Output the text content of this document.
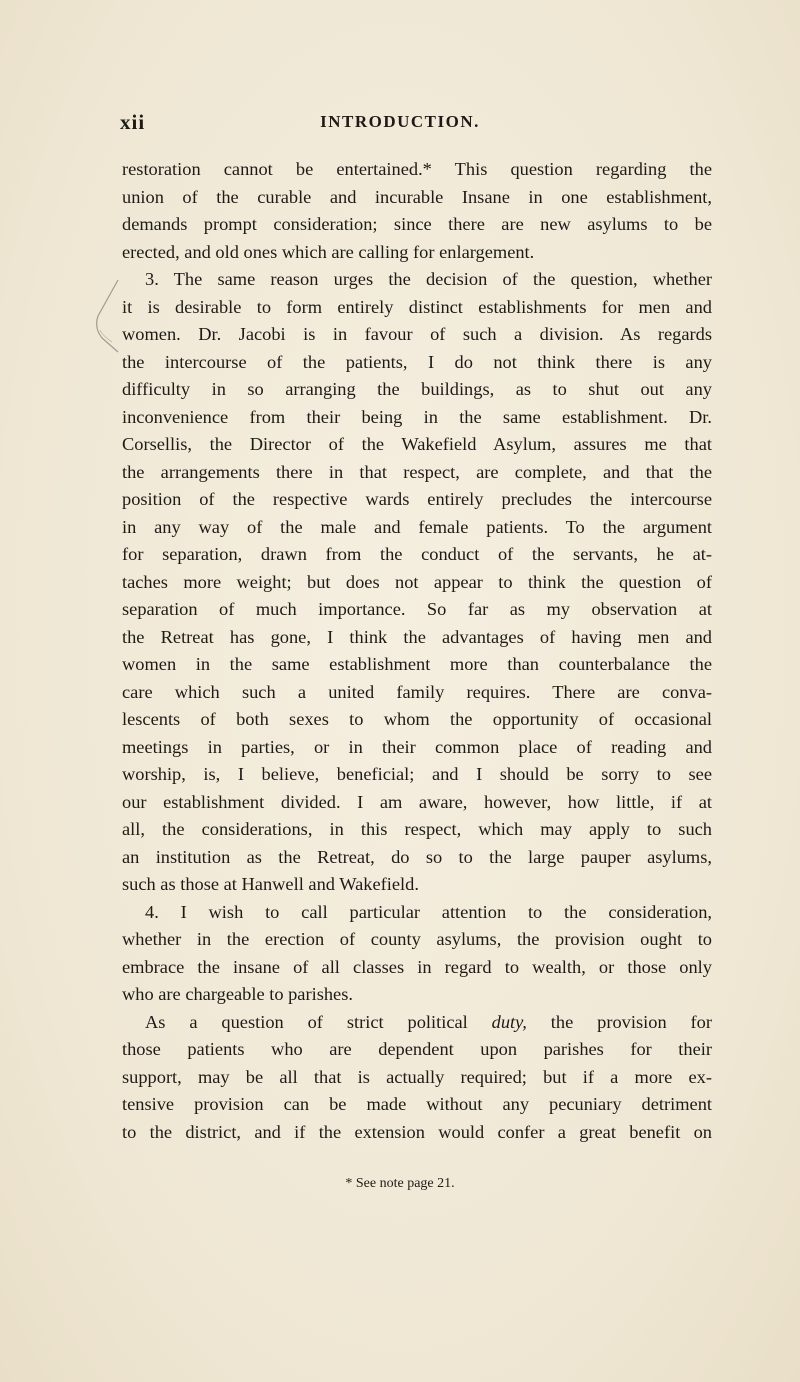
xii	INTRODUCTION.
restoration cannot be entertained.* This question regarding the
union of the curable and incurable Insane in one establishment,
demands prompt consideration; since there are new asylums to be
erected, and old ones which are calling for enlargement.
3. The same reason urges the decision of the question, whether
it is desirable to form entirely distinct establishments for men and
women. Dr. Jacobi is in favour of such a division. As regards
the intercourse of the patients, I do not think there is any
difficulty in so arranging the buildings, as to shut out any
inconvenience from their being in the same establishment. Dr.
Corsellis, the Director of the Wakefield Asylum, assures me that
the arrangements there in that respect, are complete, and that the
position of the respective wards entirely precludes the intercourse
in any way of the male and female patients. To the argument
for separation, drawn from the conduct of the servants, he at-
taches more weight; but does not appear to think the question of
separation of much importance. So far as my observation at
the Retreat has gone, I think the advantages of having men and
women in the same establishment more than counterbalance the
care which such a united family requires. There are conva-
lescents of both sexes to whom the opportunity of occasional
meetings in parties, or in their common place of reading and
worship, is, I believe, beneficial; and I should be sorry to see
our establishment divided. I am aware, however, how little, if at
all, the considerations, in this respect, which may apply to such
an institution as the Retreat, do so to the large pauper asylums,
such as those at Hanwell and Wakefield.
4. I wish to call particular attention to the consideration,
whether in the erection of county asylums, the provision ought to
embrace the insane of all classes in regard to wealth, or those only
who are chargeable to parishes.
As a question of strict political duty, the provision for
those patients who are dependent upon parishes for their
support, may be all that is actually required; but if a more ex-
tensive provision can be made without any pecuniary detriment
to the district, and if the extension would confer a great benefit on
* See note page 21.
